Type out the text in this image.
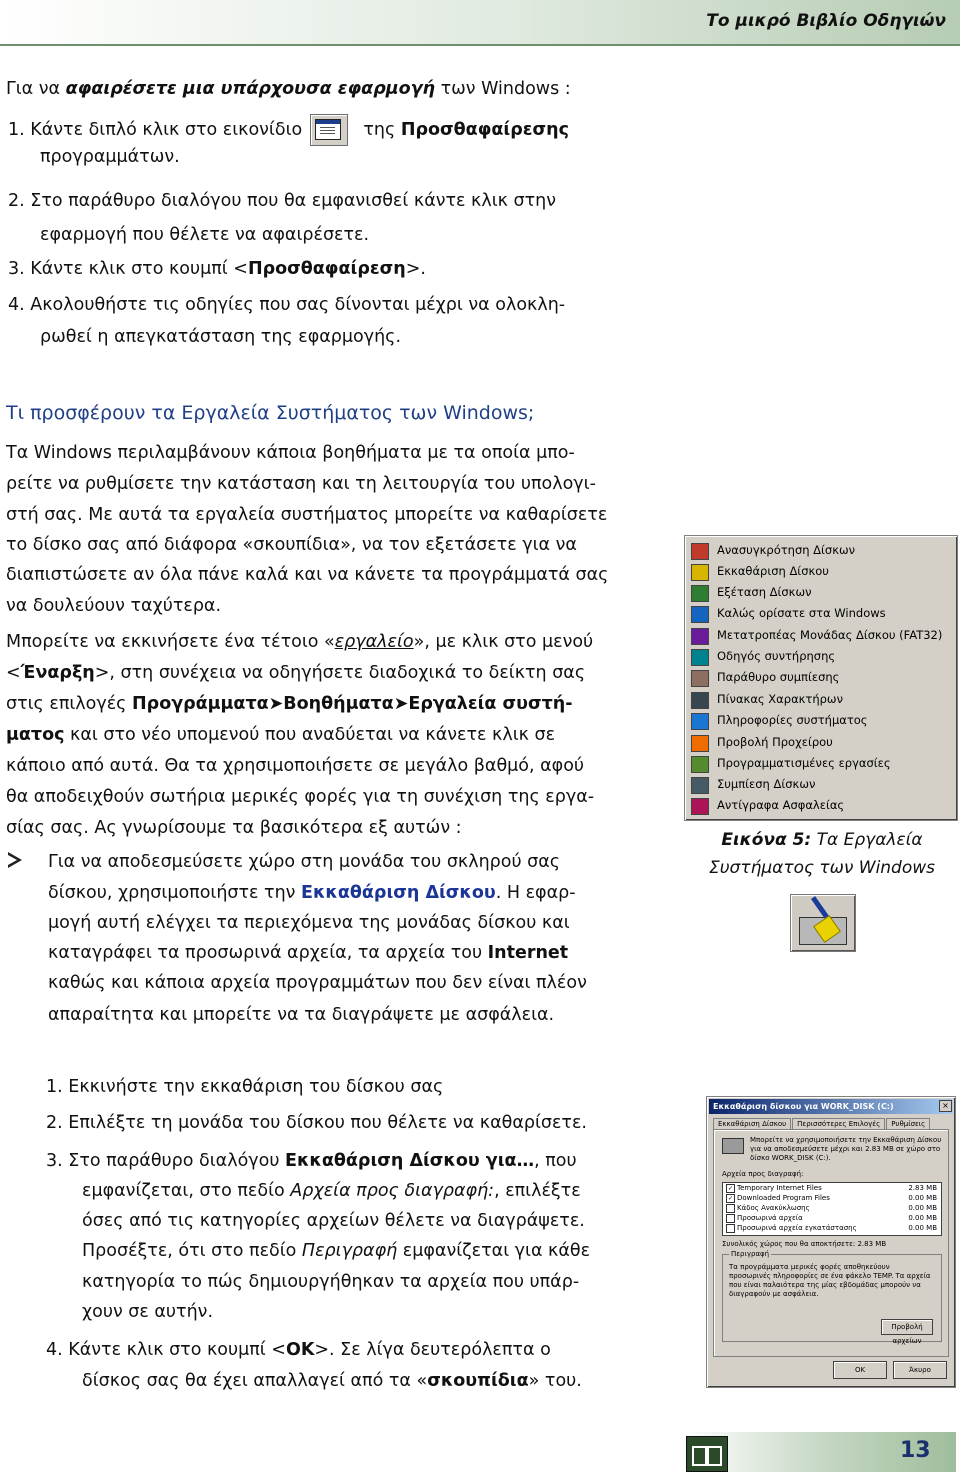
Το μικρό Βιβλίο Οδηγιών
Για να αφαιρέσετε μια υπάρχουσα εφαρμογή των Windows :
1. Κάντε διπλό κλικ στο εικονίδιο	της Προσθαφαίρεσης
προγραμμάτων.
2. Στο παράθυρο διαλόγου που θα εμφανισθεί κάντε κλικ στην
εφαρμογή που θέλετε να αφαιρέσετε.
3. Κάντε κλικ στο κουμπί <Προσθαφαίρεση>.
4. Ακολουθήστε τις οδηγίες που σας δίνονται μέχρι να ολοκλη-
ρωθεί η απεγκατάσταση της εφαρμογής.
Τι προσφέρουν τα Εργαλεία Συστήματος των Windows;
Τα Windows περιλαμβάνουν κάποια βοηθήματα με τα οποία μπο-
ρείτε να ρυθμίσετε την κατάσταση και τη λειτουργία του υπολογι-
στή σας. Με αυτά τα εργαλεία συστήματος μπορείτε να καθαρίσετε
το δίσκο σας από διάφορα «σκουπίδια», να τον εξετάσετε για να
διαπιστώσετε αν όλα πάνε καλά και να κάνετε τα προγράμματά σας
να δουλεύουν ταχύτερα.
Μπορείτε να εκκινήσετε ένα τέτοιο «εργαλείο», με κλικ στο μενού
<Έναρξη>, στη συνέχεια να οδηγήσετε διαδοχικά το δείκτη σας
στις επιλογές Προγράμματα➤Βοηθήματα➤Εργαλεία συστή-
ματος και στο νέο υπομενού που αναδύεται να κάνετε κλικ σε
κάποιο από αυτά. Θα τα χρησιμοποιήσετε σε μεγάλο βαθμό, αφού
θα αποδειχθούν σωτήρια μερικές φορές για τη συνέχιση της εργα-
σίας σας. Ας γνωρίσουμε τα βασικότερα εξ αυτών :
Για να αποδεσμεύσετε χώρο στη μονάδα του σκληρού σας
δίσκου, χρησιμοποιήστε την Εκκαθάριση Δίσκου. Η εφαρ-
μογή αυτή ελέγχει τα περιεχόμενα της μονάδας δίσκου και
καταγράφει τα προσωρινά αρχεία, τα αρχεία του Internet
καθώς και κάποια αρχεία προγραμμάτων που δεν είναι πλέον
απαραίτητα και μπορείτε να τα διαγράψετε με ασφάλεια.
Ανασυγκρότηση Δίσκων
Εκκαθάριση Δίσκου
Εξέταση Δίσκων
Καλώς ορίσατε στα Windows
Μετατροπέας Μονάδας Δίσκου (FAT32)
Οδηγός συντήρησης
Παράθυρο συμπίεσης
Πίνακας Χαρακτήρων
Πληροφορίες συστήματος
Προβολή Προχείρου
Προγραμματισμένες εργασίες
Συμπίεση Δίσκων
Αντίγραφα Ασφαλείας
Εικόνα 5: Τα Εργαλεία
Συστήματος των Windows
1. Εκκινήστε την εκκαθάριση του δίσκου σας
2. Επιλέξτε τη μονάδα του δίσκου που θέλετε να καθαρίσετε.
3. Στο παράθυρο διαλόγου Εκκαθάριση Δίσκου για…, που
εμφανίζεται, στο πεδίο Αρχεία προς διαγραφή:, επιλέξτε
όσες από τις κατηγορίες αρχείων θέλετε να διαγράψετε.
Προσέξτε, ότι στο πεδίο Περιγραφή εμφανίζεται για κάθε
κατηγορία το πώς δημιουργήθηκαν τα αρχεία που υπάρ-
χουν σε αυτήν.
4. Κάντε κλικ στο κουμπί <OK>. Σε λίγα δευτερόλεπτα ο
δίσκος σας θα έχει απαλλαγεί από τα «σκουπίδια» του.
Εκκαθάριση δίσκου για WORK_DISK (C:)	×
Εκκαθάριση Δίσκου Περισσότερες Επιλογές Ρυθμίσεις
Μπορείτε να χρησιμοποιήσετε την Εκκαθάριση Δίσκου για να αποδεσμεύσετε μέχρι και 2.83 MB σε χώρο στο δίσκο WORK_DISK (C:).
Αρχεία προς διαγραφή:
✓ Temporary Internet Files	2.83 MB
✓ Downloaded Program Files	0.00 MB
Κάδος Ανακύκλωσης	0.00 MB
Προσωρινά αρχεία	0.00 MB
Προσωρινά αρχεία εγκατάστασης	0.00 MB
Συνολικός χώρος που θα αποκτήσετε: 2.83 MB
Περιγραφή
Τα προγράμματα μερικές φορές αποθηκεύουν προσωρινές πληροφορίες σε ένα φάκελο TEMP. Τα αρχεία που είναι παλαιότερα της μίας εβδομάδας μπορούν να διαγραφούν με ασφάλεια.
Προβολή αρχείων
OK	Άκυρο
13
